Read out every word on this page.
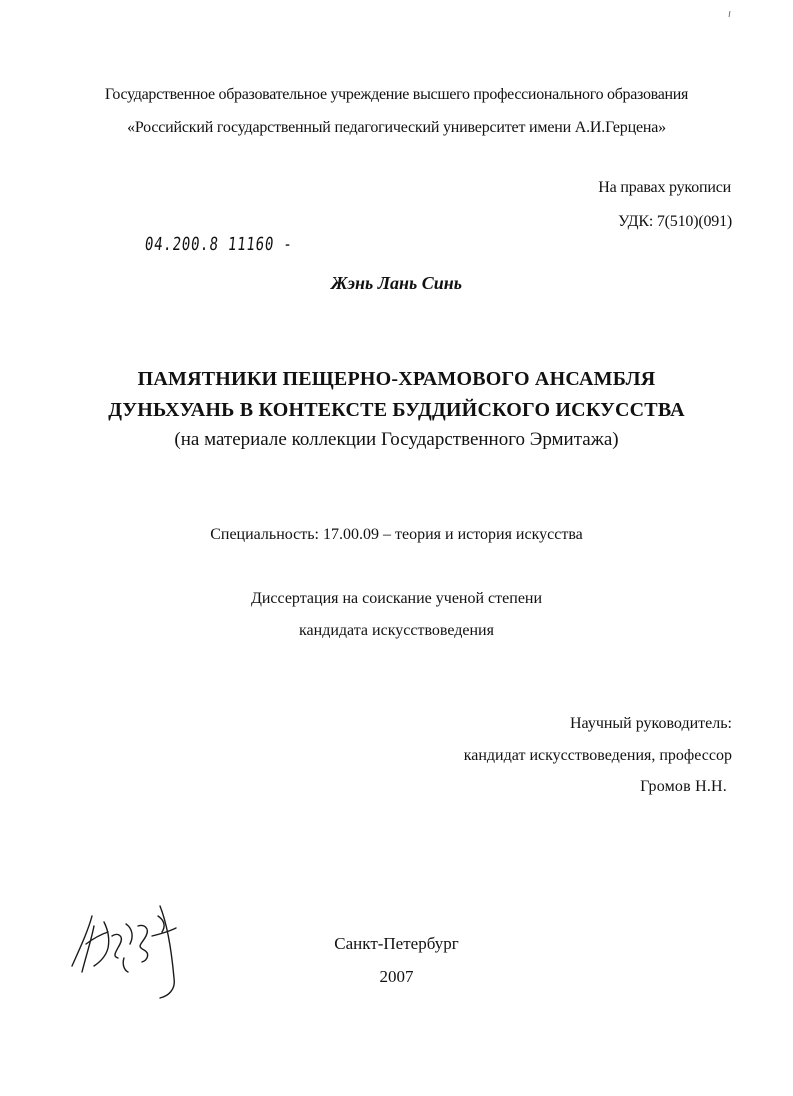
Государственное образовательное учреждение высшего профессионального образования
«Российский государственный педагогический университет имени А.И.Герцена»
На правах рукописи
УДК: 7(510)(091)
04.200.8 11160 -
Жэнь Лань Синь
ПАМЯТНИКИ ПЕЩЕРНО-ХРАМОВОГО АНСАМБЛЯ
ДУНЬХУАНЬ В КОНТЕКСТЕ БУДДИЙСКОГО ИСКУССТВА
(на материале коллекции Государственного Эрмитажа)
Специальность: 17.00.09 – теория и история искусства
Диссертация на соискание ученой степени
кандидата искусствоведения
Научный руководитель:
кандидат искусствоведения, профессор
Громов Н.Н.
Санкт-Петербург
2007
